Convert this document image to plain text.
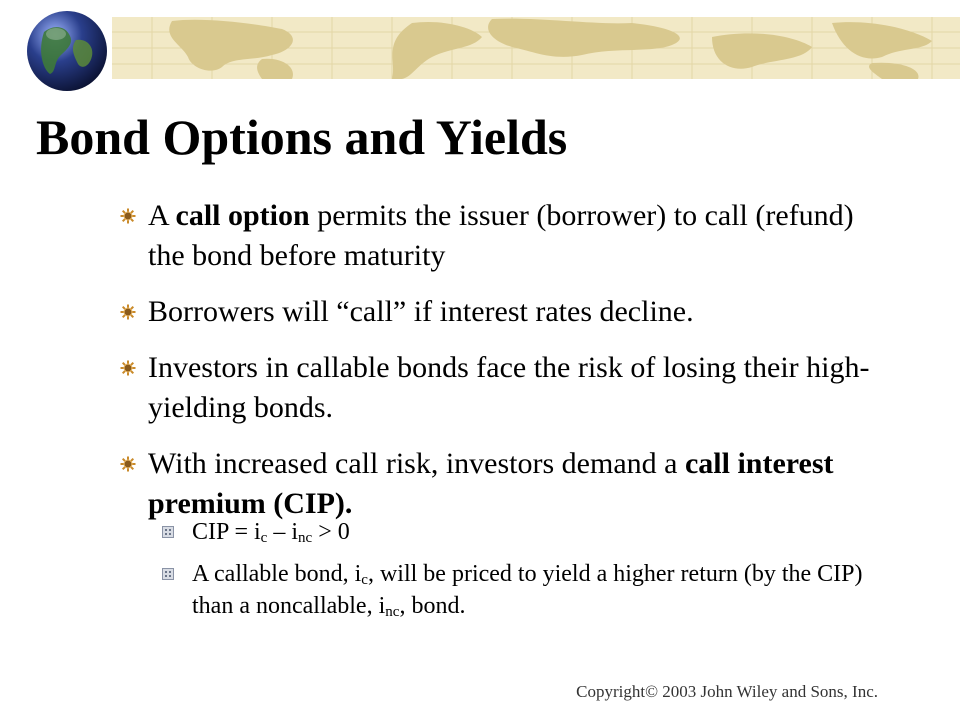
Bond Options and Yields
A call option permits the issuer (borrower) to call (refund) the bond before maturity
Borrowers will “call” if interest rates decline.
Investors in callable bonds face the risk of losing their high-yielding bonds.
With increased call risk, investors demand a call interest premium (CIP).
CIP = $i_c - i_{nc} > 0$
A callable bond, $i_c$, will be priced to yield a higher return (by the CIP) than a noncallable, $i_{nc}$, bond.
Copyright© 2003 John Wiley and Sons, Inc.
